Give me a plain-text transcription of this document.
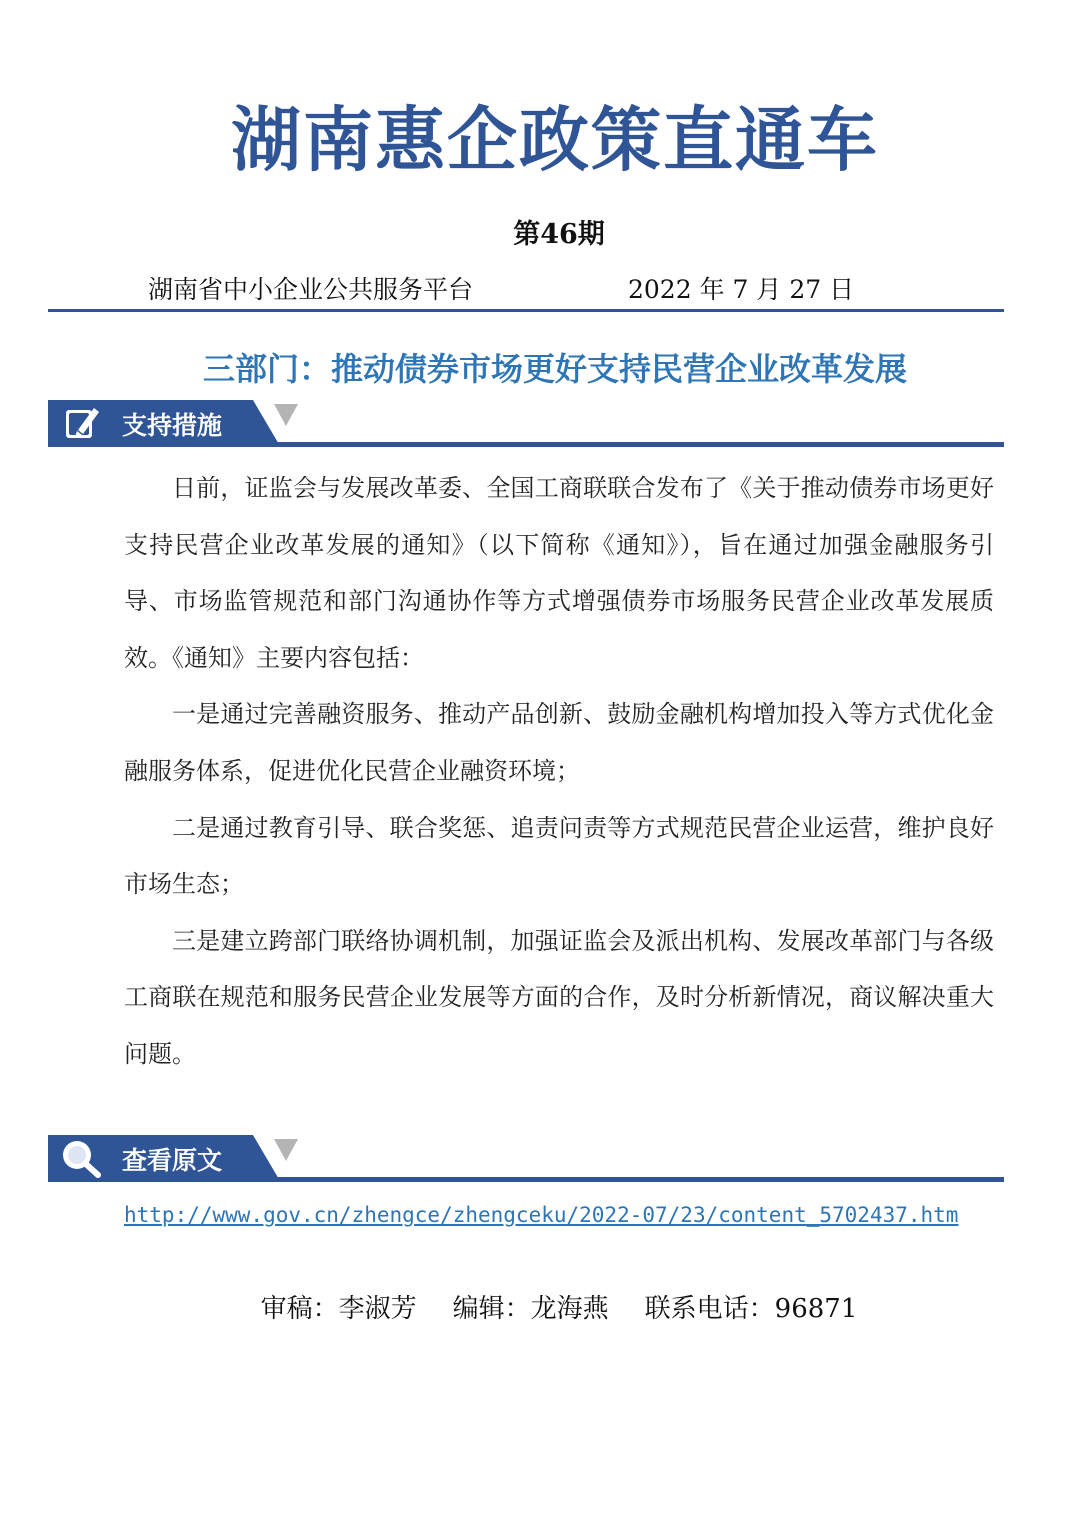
湖南惠企政策直通车
第46期
湖南省中小企业公共服务平台	2022 年 7 月 27 日
三部门：推动债券市场更好支持民营企业改革发展
支持措施

日前，证监会与发展改革委、全国工商联联合发布了《关于推动债券市场更好支持民营企业改革发展的通知》（以下简称《通知》），旨在通过加强金融服务引导、市场监管规范和部门沟通协作等方式增强债券市场服务民营企业改革发展质效。《通知》主要内容包括：

一是通过完善融资服务、推动产品创新、鼓励金融机构增加投入等方式优化金融服务体系，促进优化民营企业融资环境；

二是通过教育引导、联合奖惩、追责问责等方式规范民营企业运营，维护良好市场生态；

三是建立跨部门联络协调机制，加强证监会及派出机构、发展改革部门与各级工商联在规范和服务民营企业发展等方面的合作，及时分析新情况，商议解决重大问题。

查看原文
http://www.gov.cn/zhengce/zhengceku/2022-07/23/content_5702437.htm
审稿：李淑芳 编辑：龙海燕 联系电话：96871
